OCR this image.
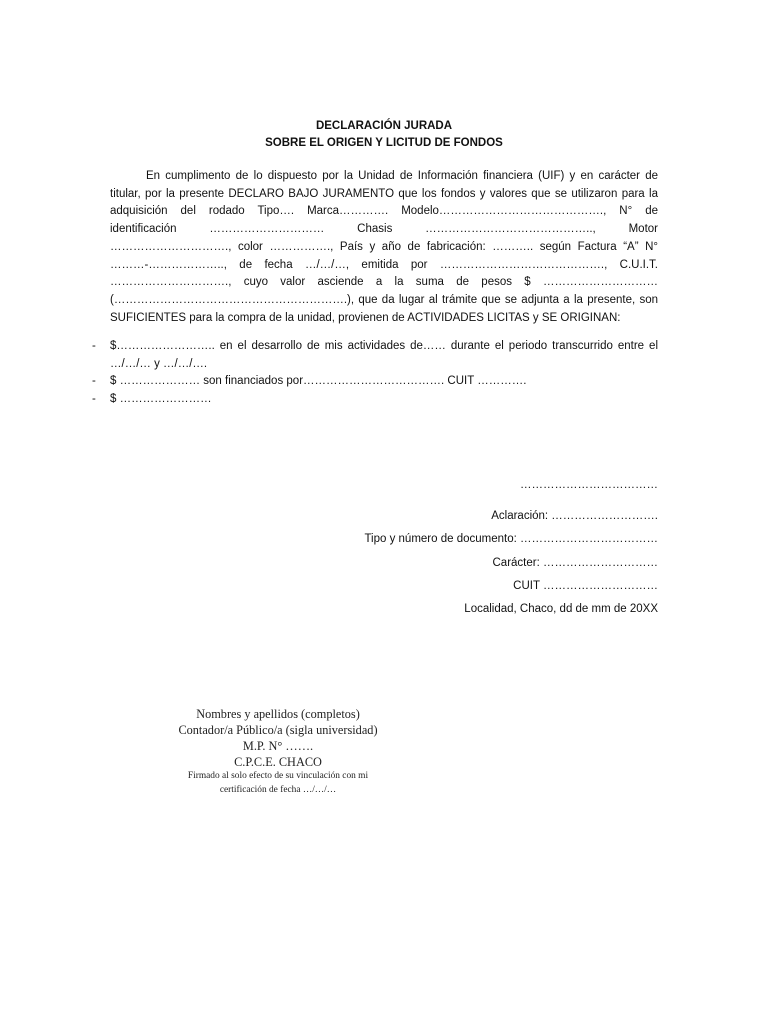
DECLARACIÓN JURADA
SOBRE EL ORIGEN Y LICITUD DE FONDOS

En cumplimento de lo dispuesto por la Unidad de Información financiera (UIF) y en carácter de titular, por la presente DECLARO BAJO JURAMENTO que los fondos y valores que se utilizaron para la adquisición del rodado Tipo…. Marca…………. Modelo……………………………………., N° de identificación ………………………… Chasis …………………………………….., Motor …………………………., color ……………., País y año de fabricación: ……….. según Factura “A” N° ………-……………….., de fecha …/…/…, emitida por ……………………………………., C.U.I.T. …………………………., cuyo valor asciende a la suma de pesos $ …………………………(…………………………………………………….), que da lugar al trámite que se adjunta a la presente, son SUFICIENTES para la compra de la unidad, provienen de ACTIVIDADES LICITAS y SE ORIGINAN:

- $…………………….. en el desarrollo de mis actividades de…… durante el periodo transcurrido entre el …/…/… y …/…/….
- $ ………………… son financiados por………………………………. CUIT ………….
- $ ……………………
………………………………
Aclaración: ……………………….
Tipo y número de documento: ………………………………
Carácter: …………………………
CUIT …………………………
Localidad, Chaco, dd de mm de 20XX
Nombres y apellidos (completos)
Contador/a Público/a (sigla universidad)
M.P. N° …….
C.P.C.E. CHACO
Firmado al solo efecto de su vinculación con mi
certificación de fecha …/…/…
